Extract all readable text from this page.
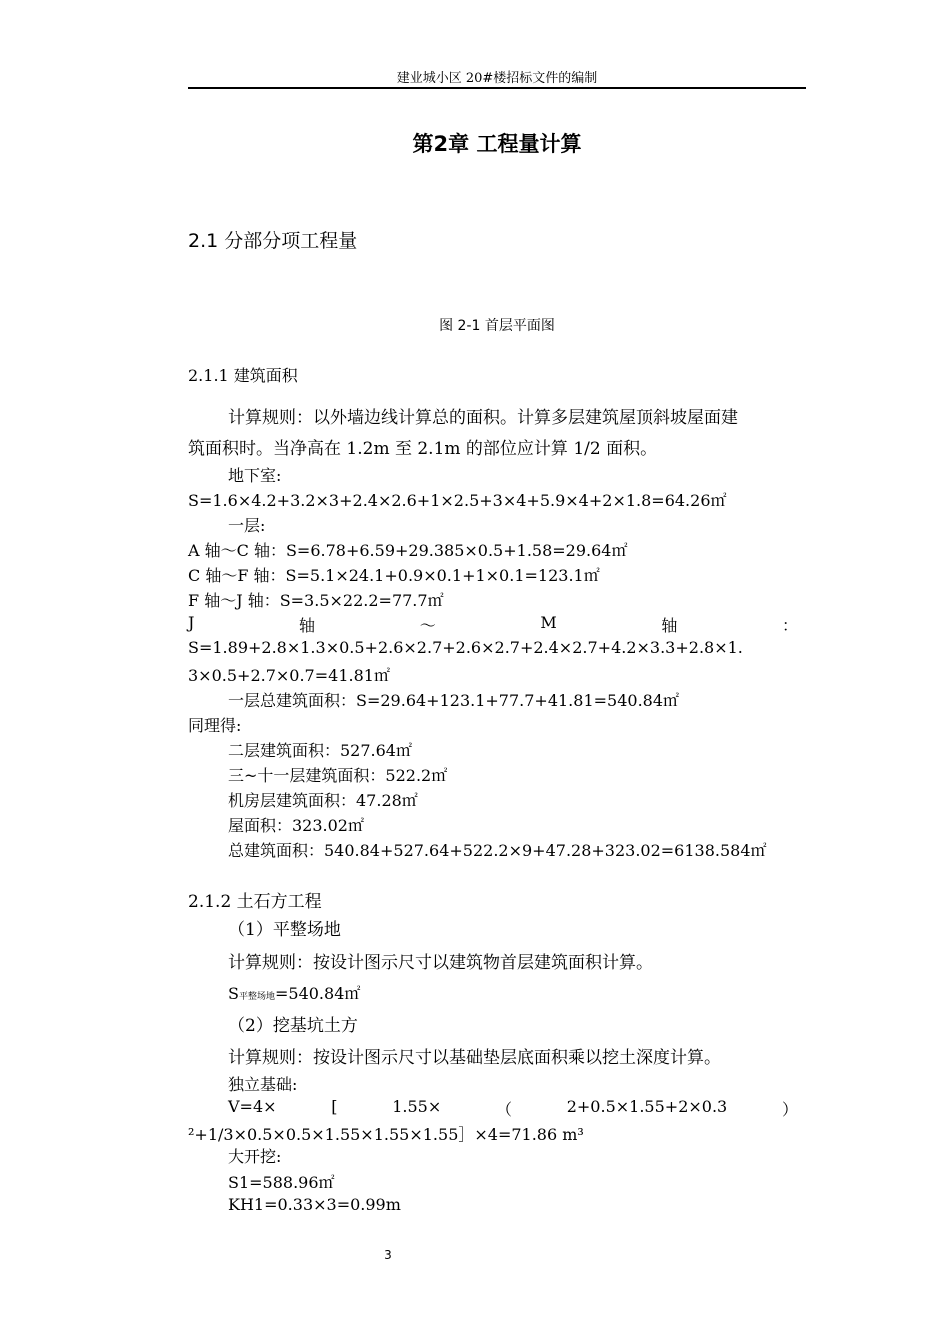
建业城小区 20#楼招标文件的编制
第2章 工程量计算
2.1 分部分项工程量
图 2-1 首层平面图
2.1.1 建筑面积
计算规则：以外墙边线计算总的面积。计算多层建筑屋顶斜坡屋面建
筑面积时。当净高在 1.2m 至 2.1m 的部位应计算 1/2 面积。
地下室:
S=1.6×4.2+3.2×3+2.4×2.6+1×2.5+3×4+5.9×4+2×1.8=64.26㎡
一层:
A 轴～C 轴：S=6.78+6.59+29.385×0.5+1.58=29.64㎡
C 轴～F 轴：S=5.1×24.1+0.9×0.1+1×0.1=123.1㎡
F 轴～J 轴：S=3.5×22.2=77.7㎡
J	轴	～	M	轴	：
S=1.89+2.8×1.3×0.5+2.6×2.7+2.6×2.7+2.4×2.7+4.2×3.3+2.8×1.
3×0.5+2.7×0.7=41.81㎡
一层总建筑面积：S=29.64+123.1+77.7+41.81=540.84㎡
同理得:
二层建筑面积：527.64㎡
三~十一层建筑面积：522.2㎡
机房层建筑面积：47.28㎡
屋面积：323.02㎡
总建筑面积：540.84+527.64+522.2×9+47.28+323.02=6138.584㎡
2.1.2 土石方工程
（1）平整场地
计算规则：按设计图示尺寸以建筑物首层建筑面积计算。
S平整场地=540.84㎡
（2）挖基坑土方
计算规则：按设计图示尺寸以基础垫层底面积乘以挖土深度计算。
独立基础:
V=4×	[	1.55×	（	2+0.5×1.55+2×0.3	）
²+1/3×0.5×0.5×1.55×1.55×1.55］×4=71.86 m³
大开挖:
S1=588.96㎡
KH1=0.33×3=0.99m
3
